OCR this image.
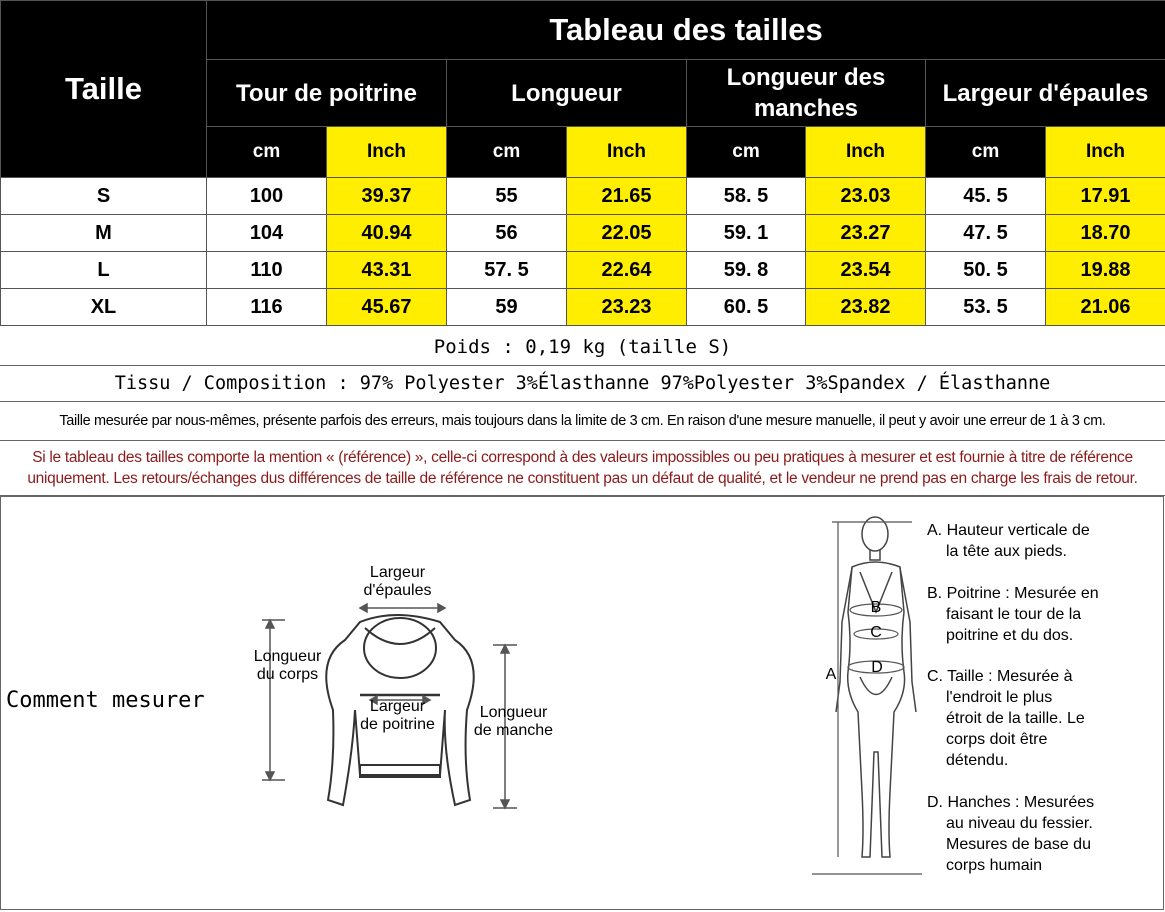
Taille	Tableau des tailles							
	Tour de poitrine		Longueur		Longueur des manches		Largeur d'épaules	
	cm	Inch	cm	Inch	cm	Inch	cm	Inch
S	100	39.37	55	21.65	58. 5	23.03	45. 5	17.91
M	104	40.94	56	22.05	59. 1	23.27	47. 5	18.70
L	110	43.31	57. 5	22.64	59. 8	23.54	50. 5	19.88
XL	116	45.67	59	23.23	60. 5	23.82	53. 5	21.06
Poids : 0,19 kg (taille S)
Tissu / Composition : 97% Polyester 3%Élasthanne 97%Polyester 3%Spandex / Élasthanne
Taille mesurée par nous-mêmes, présente parfois des erreurs, mais toujours dans la limite de 3 cm. En raison d'une mesure manuelle, il peut y avoir une erreur de 1 à 3 cm.
Si le tableau des tailles comporte la mention « (référence) », celle-ci correspond à des valeurs impossibles ou peu pratiques à mesurer et est fournie à titre de référence
uniquement. Les retours/échanges dus différences de taille de référence ne constituent pas un défaut de qualité, et le vendeur ne prend pas en charge les frais de retour.
Comment mesurer
Largeur
d'épaules
Longueur
du corps
Largeur
de poitrine
Longueur
de manche
A
B
C
D
A. Hauteur verticale de
la tête aux pieds.
B. Poitrine : Mesurée en
faisant le tour de la
poitrine et du dos.
C. Taille : Mesurée à
l'endroit le plus
étroit de la taille. Le
corps doit être
détendu.
D. Hanches : Mesurées
au niveau du fessier.
Mesures de base du
corps humain
